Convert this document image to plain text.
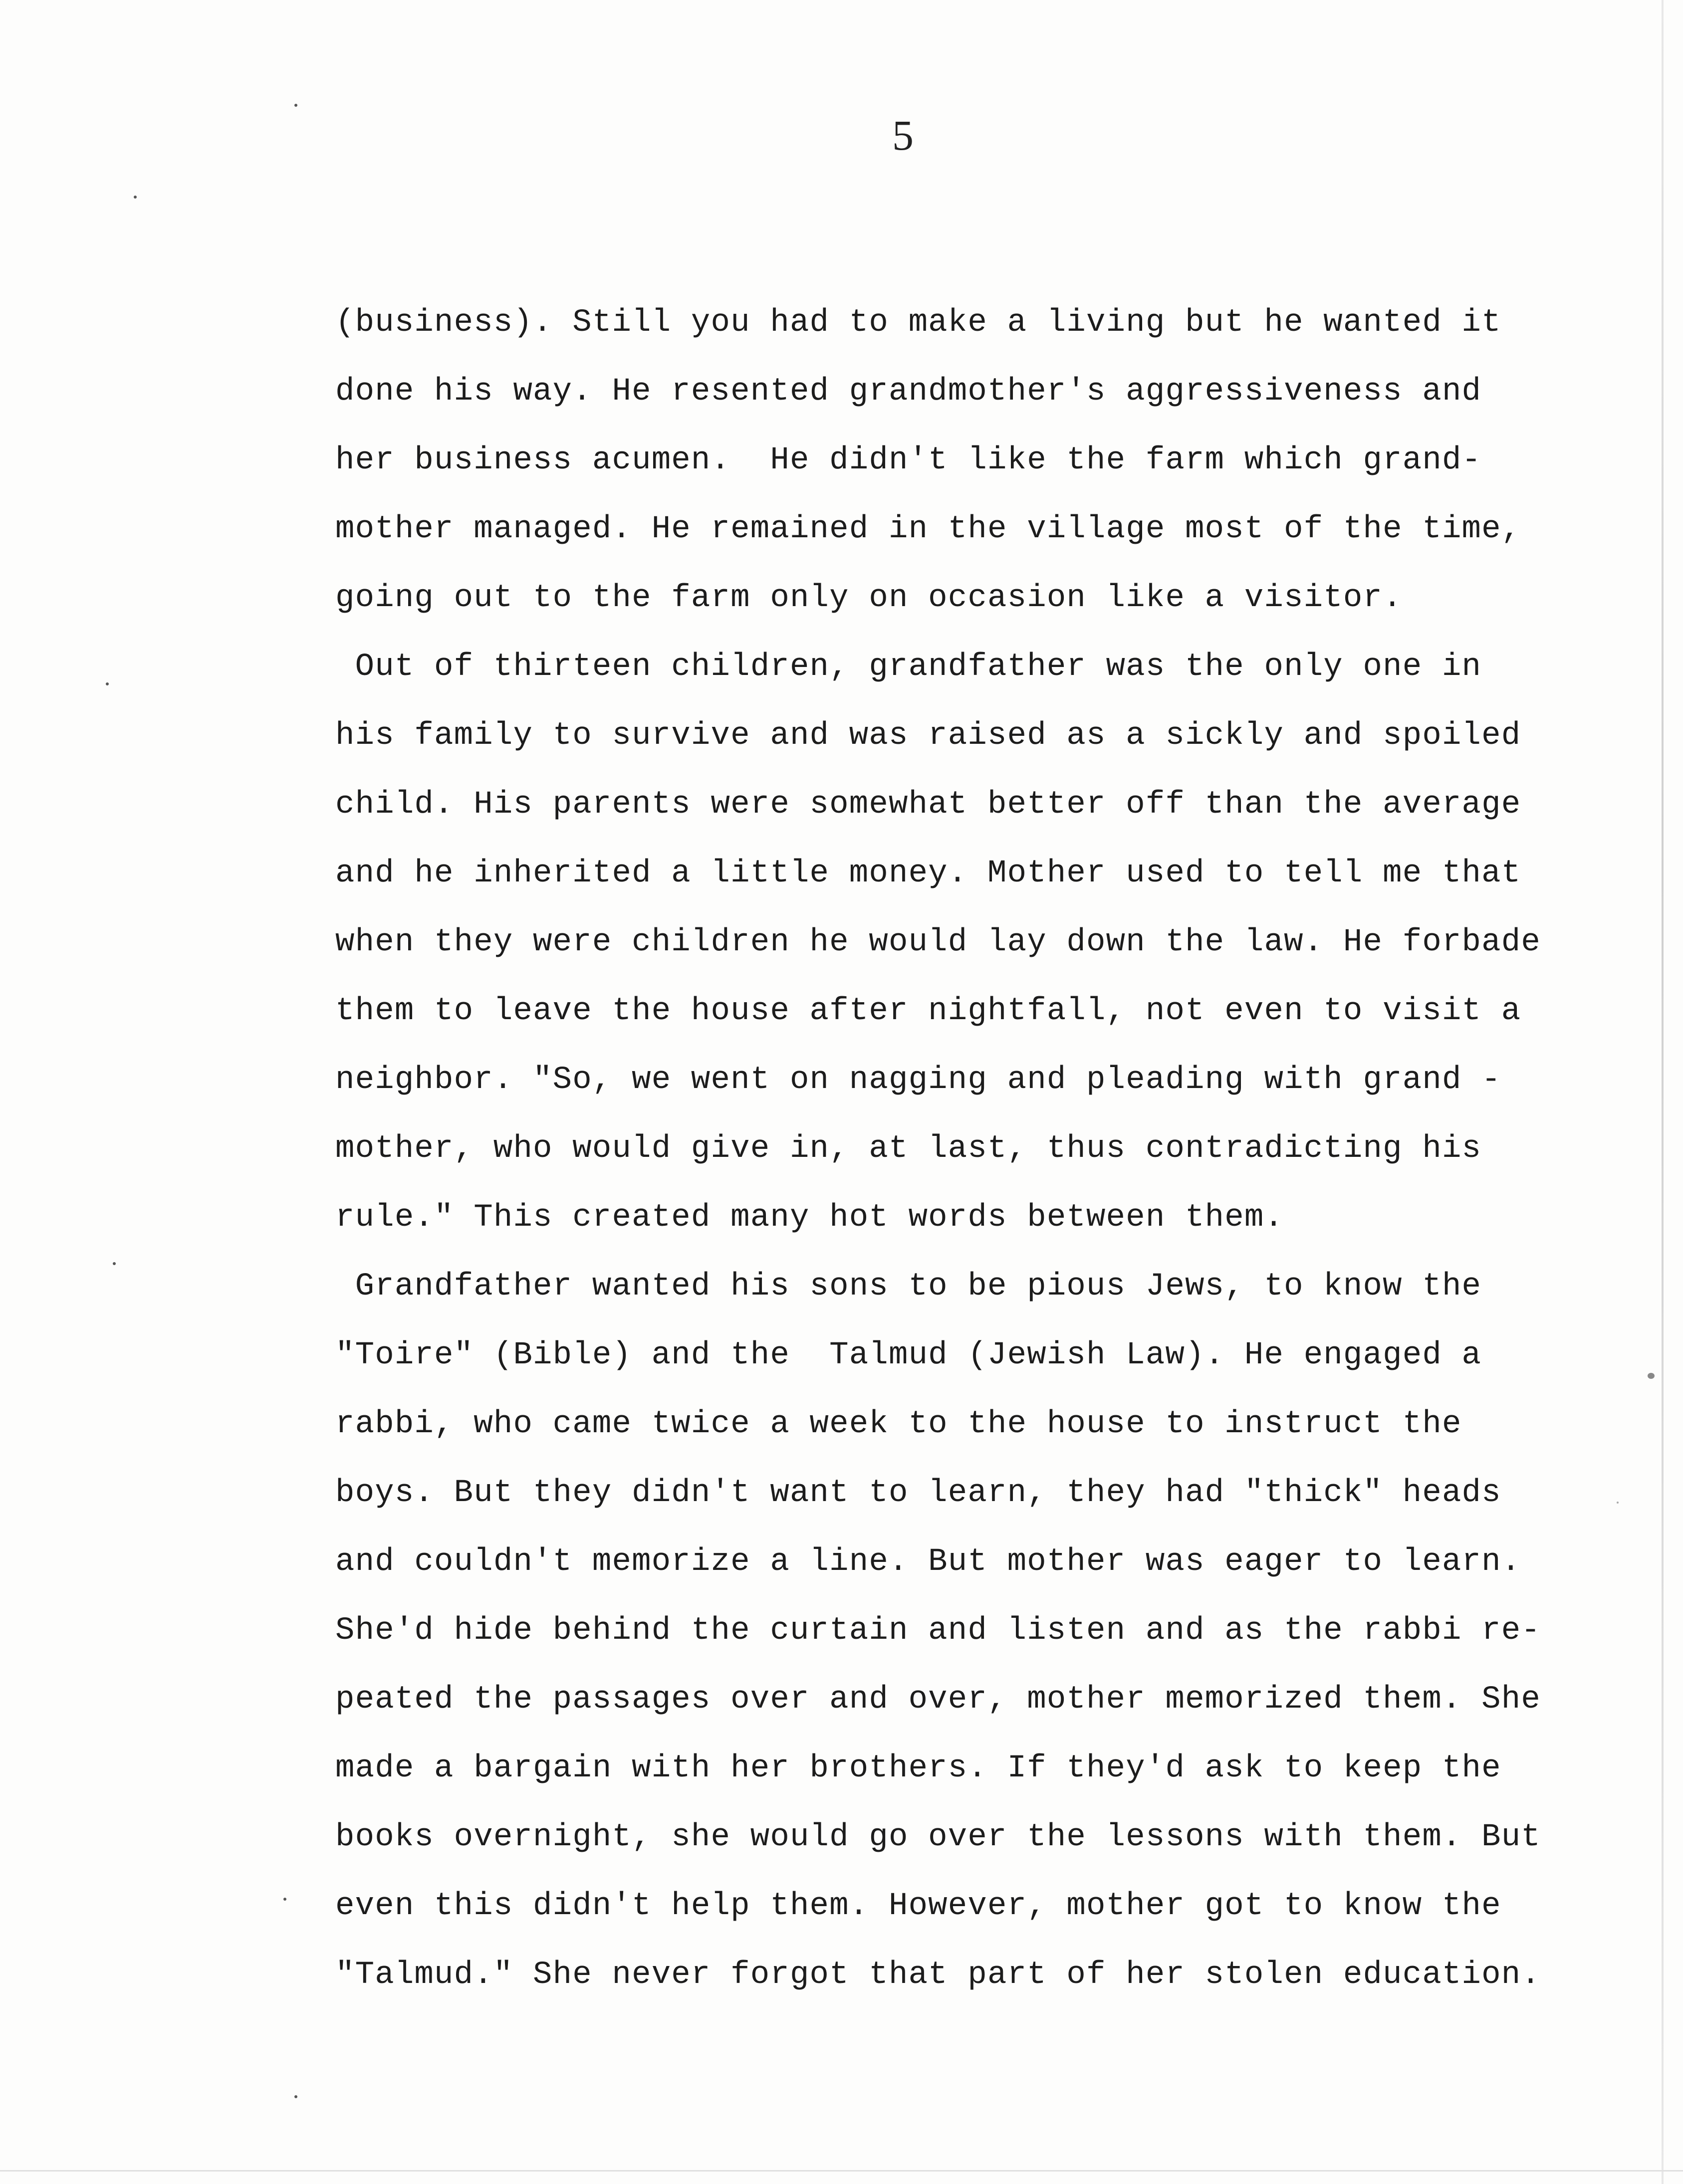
5
(business). Still you had to make a living but he wanted it
done his way. He resented grandmother's aggressiveness and
her business acumen.  He didn't like the farm which grand-
mother managed. He remained in the village most of the time,
going out to the farm only on occasion like a visitor.
Out of thirteen children, grandfather was the only one in
his family to survive and was raised as a sickly and spoiled
child. His parents were somewhat better off than the average
and he inherited a little money. Mother used to tell me that
when they were children he would lay down the law. He forbade
them to leave the house after nightfall, not even to visit a
neighbor. "So, we went on nagging and pleading with grand -
mother, who would give in, at last, thus contradicting his
rule." This created many hot words between them.
Grandfather wanted his sons to be pious Jews, to know the
"Toire" (Bible) and the  Talmud (Jewish Law). He engaged a
rabbi, who came twice a week to the house to instruct the
boys. But they didn't want to learn, they had "thick" heads
and couldn't memorize a line. But mother was eager to learn.
She'd hide behind the curtain and listen and as the rabbi re-
peated the passages over and over, mother memorized them. She
made a bargain with her brothers. If they'd ask to keep the
books overnight, she would go over the lessons with them. But
even this didn't help them. However, mother got to know the
"Talmud." She never forgot that part of her stolen education.
